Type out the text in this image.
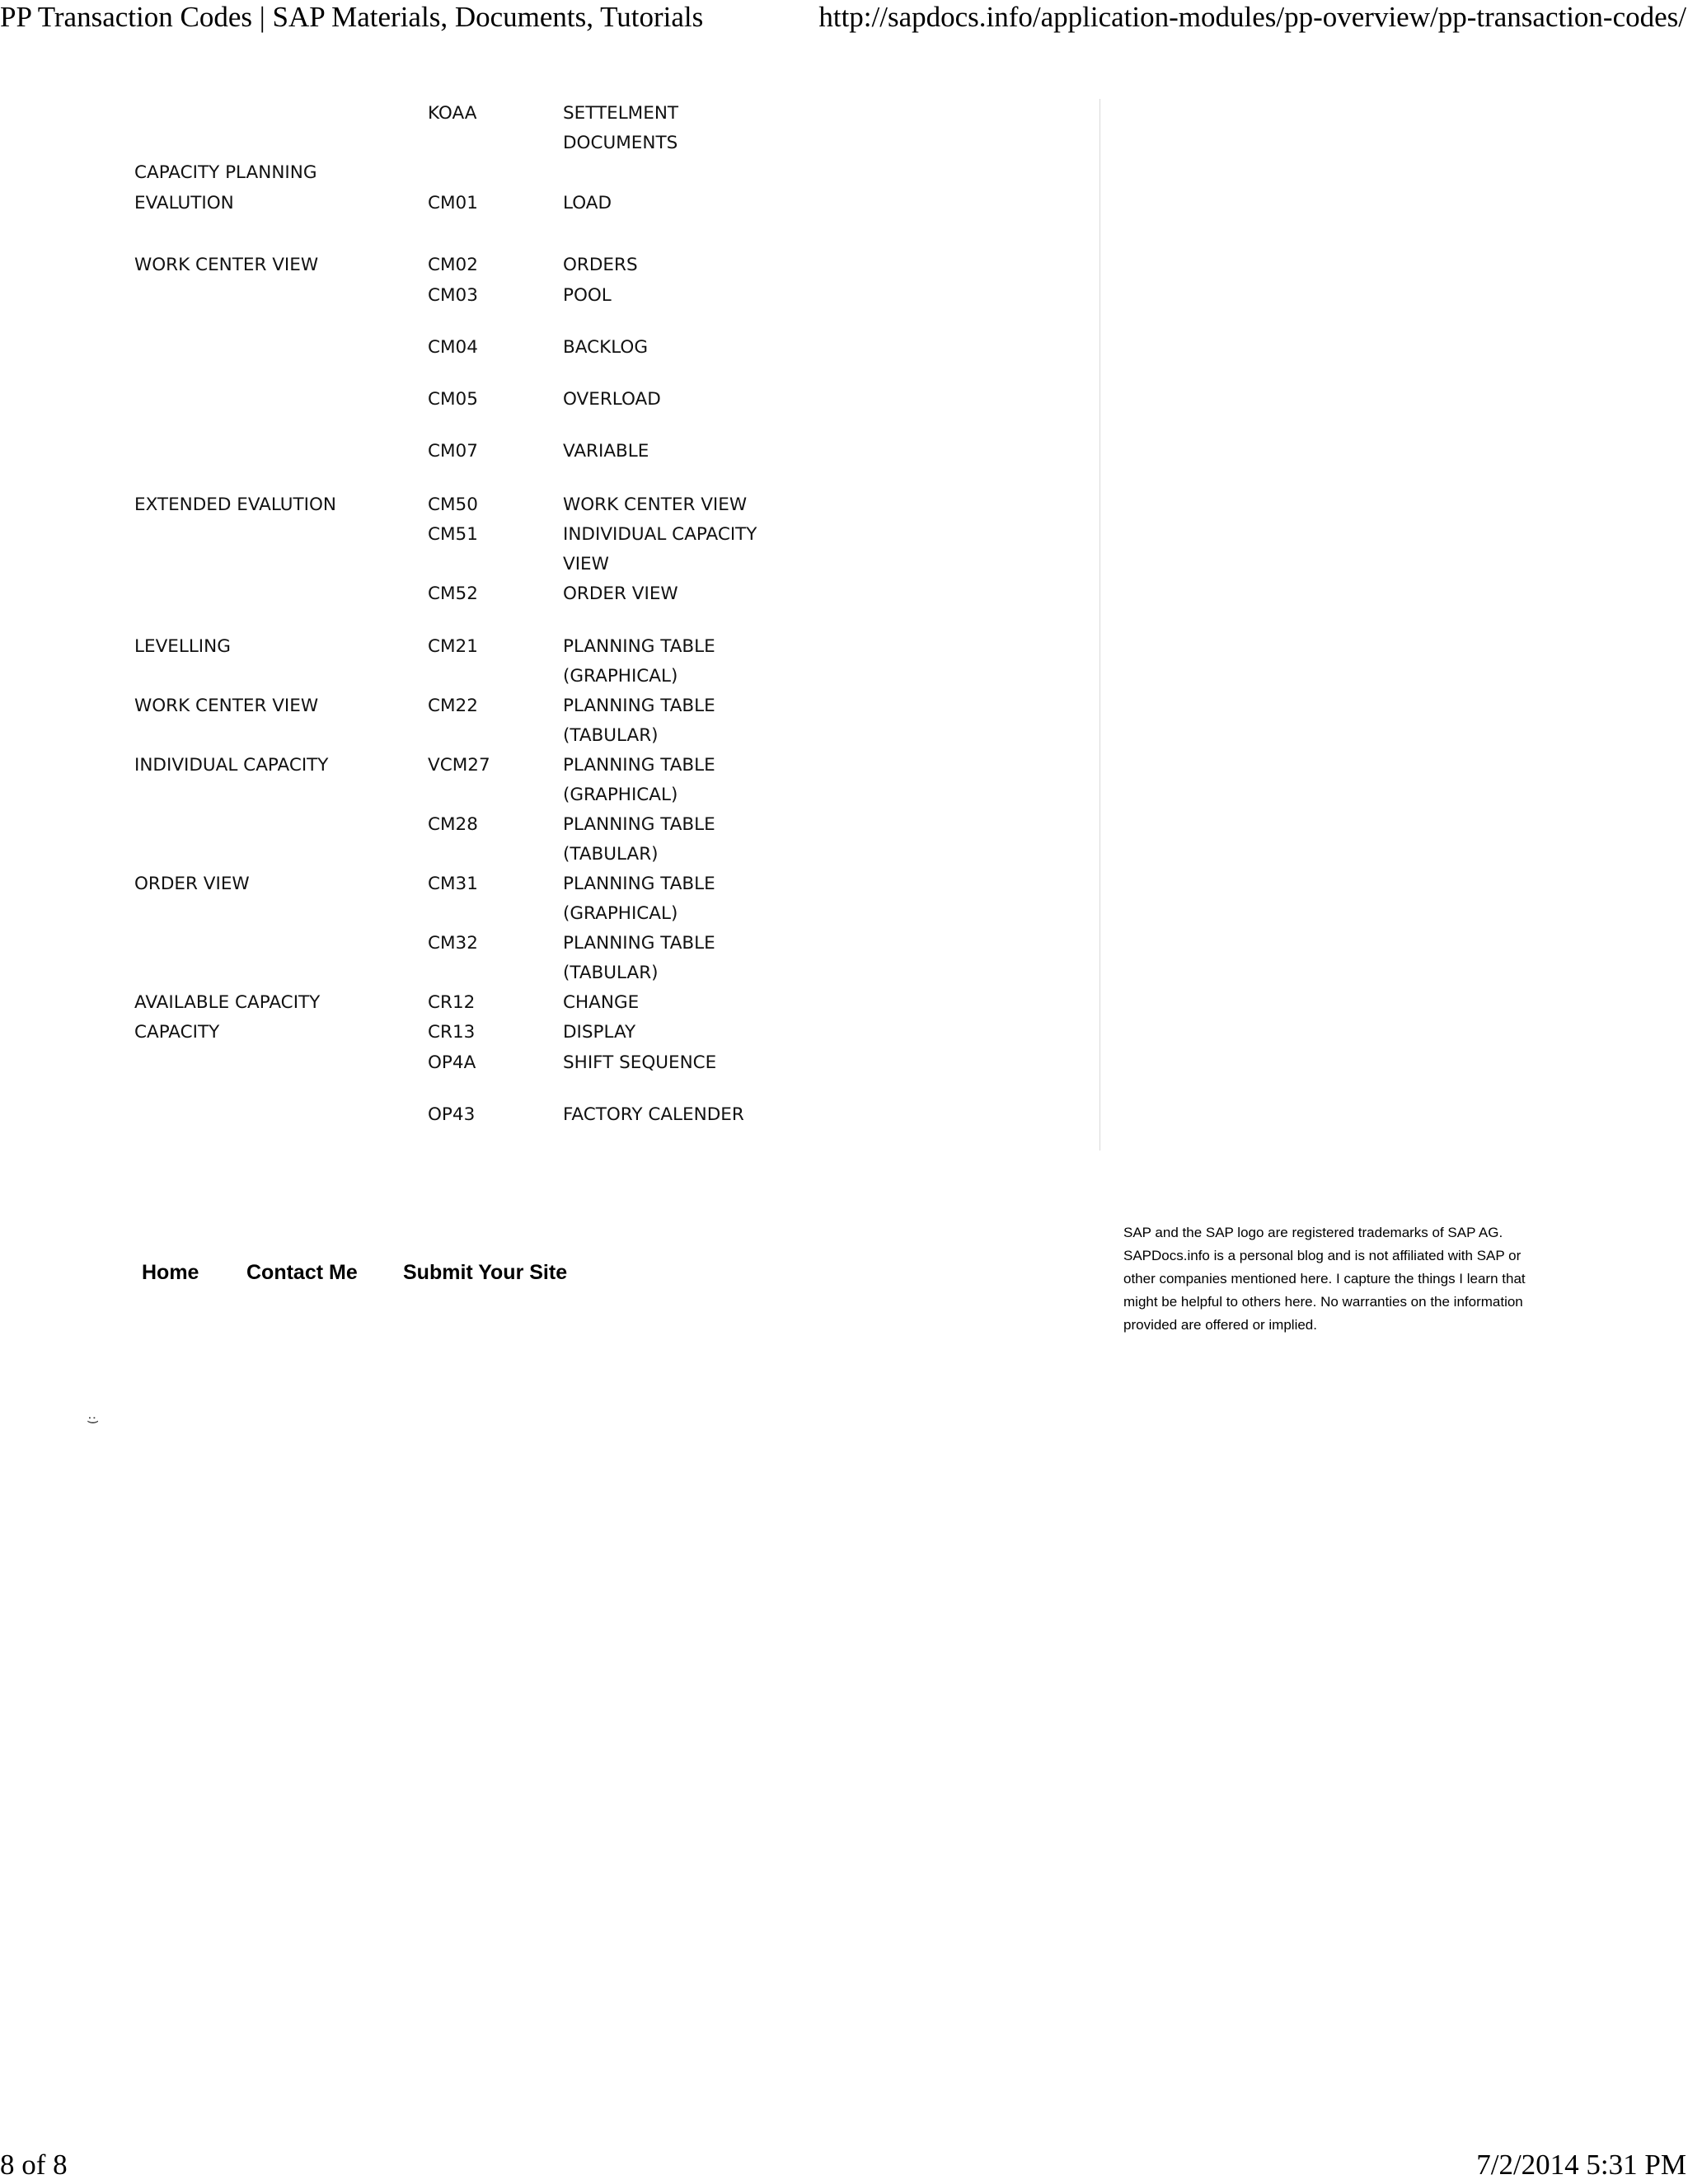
PP Transaction Codes | SAP Materials, Documents, Tutorials	http://sapdocs.info/application-modules/pp-overview/pp-transaction-codes/
KOAA	SETTELMENT
DOCUMENTS
CAPACITY PLANNING
EVALUTION	CM01	LOAD
WORK CENTER VIEW	CM02	ORDERS
CM03	POOL
CM04	BACKLOG
CM05	OVERLOAD
CM07	VARIABLE
EXTENDED EVALUTION	CM50	WORK CENTER VIEW
CM51	INDIVIDUAL CAPACITY
VIEW
CM52	ORDER VIEW
LEVELLING	CM21	PLANNING TABLE
(GRAPHICAL)
WORK CENTER VIEW	CM22	PLANNING TABLE
(TABULAR)
INDIVIDUAL CAPACITY	VCM27	PLANNING TABLE
(GRAPHICAL)
CM28	PLANNING TABLE
(TABULAR)
ORDER VIEW	CM31	PLANNING TABLE
(GRAPHICAL)
CM32	PLANNING TABLE
(TABULAR)
AVAILABLE CAPACITY	CR12	CHANGE
CAPACITY	CR13	DISPLAY
OP4A	SHIFT SEQUENCE
OP43	FACTORY CALENDER
Home Contact Me Submit Your Site
SAP and the SAP logo are registered trademarks of SAP AG. SAPDocs.info is a personal blog and is not affiliated with SAP or other companies mentioned here. I capture the things I learn that might be helpful to others here. No warranties on the information provided are offered or implied.
:)
8 of 8	7/2/2014 5:31 PM
